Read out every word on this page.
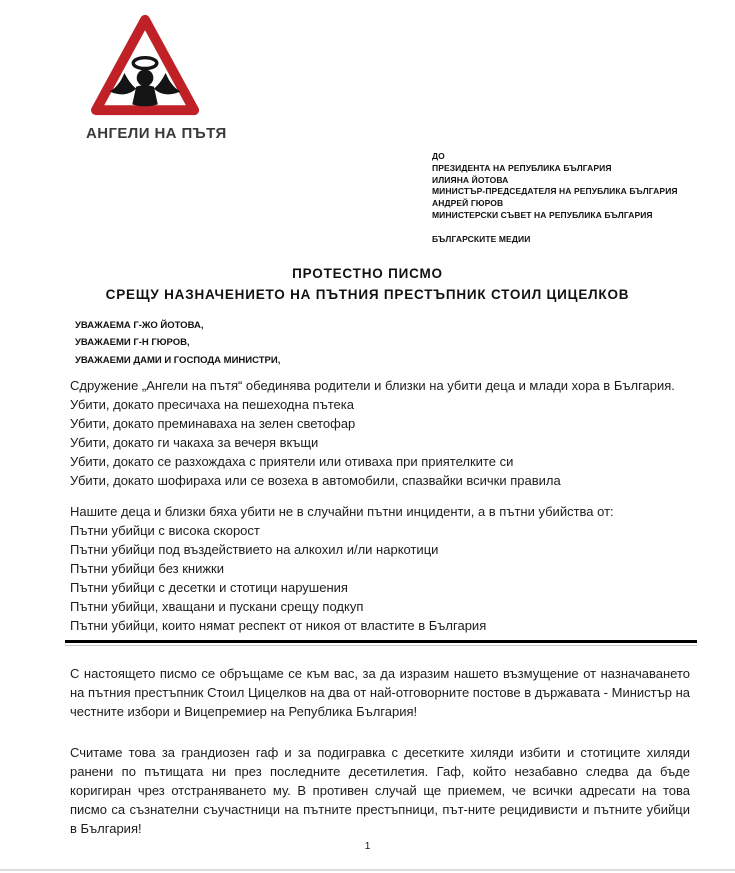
АНГЕЛИ НА ПЪТЯ
ДО
ПРЕЗИДЕНТА НА РЕПУБЛИКА БЪЛГАРИЯ
ИЛИЯНА ЙОТОВА
МИНИСТЪР-ПРЕДСЕДАТЕЛЯ НА РЕПУБЛИКА БЪЛГАРИЯ
АНДРЕЙ ГЮРОВ
МИНИСТЕРСКИ СЪВЕТ НА РЕПУБЛИКА БЪЛГАРИЯ
БЪЛГАРСКИТЕ МЕДИИ
ПРОТЕСТНО ПИСМО
СРЕЩУ НАЗНАЧЕНИЕТО НА ПЪТНИЯ ПРЕСТЪПНИК СТОИЛ ЦИЦЕЛКОВ
УВАЖАЕМА Г-ЖО ЙОТОВА,
УВАЖАЕМИ Г-Н ГЮРОВ,
УВАЖАЕМИ ДАМИ И ГОСПОДА МИНИСТРИ,

Сдружение „Ангели на пътя“ обединява родители и близки на убити деца и млади хора в България.

Убити, докато пресичаха на пешеходна пътека
Убити, докато преминаваха на зелен светофар
Убити, докато ги чакаха за вечеря вкъщи
Убити, докато се разхождаха с приятели или отиваха при приятелките си
Убити, докато шофираха или се возеха в автомобили, спазвайки всички правила

Нашите деца и близки бяха убити не в случайни пътни инциденти, а в пътни убийства от:

Пътни убийци с висока скорост
Пътни убийци под въздействието на алкохил и/ли наркотици
Пътни убийци без книжки
Пътни убийци с десетки и стотици нарушения
Пътни убийци, хващани и пускани срещу подкуп
Пътни убийци, които нямат респект от никоя от властите в България

С настоящето писмо се обръщаме се към вас, за да изразим нашето възмущение от назначаването на пътния престъпник Стоил Цицелков на два от най-отговорните постове в държавата - Министър на честните избори и Вицепремиер на Република България!

Считаме това за грандиозен гаф и за подигравка с десетките хиляди избити и стотиците хиляди ранени по пътищата ни през последните десетилетия. Гаф, който незабавно следва да бъде коригиран чрез отстраняването му. В противен случай ще приемем, че всички адресати на това писмо са съзнателни съучастници на пътните престъпници, път-ните рецидивисти и пътните убийци в България!

1
